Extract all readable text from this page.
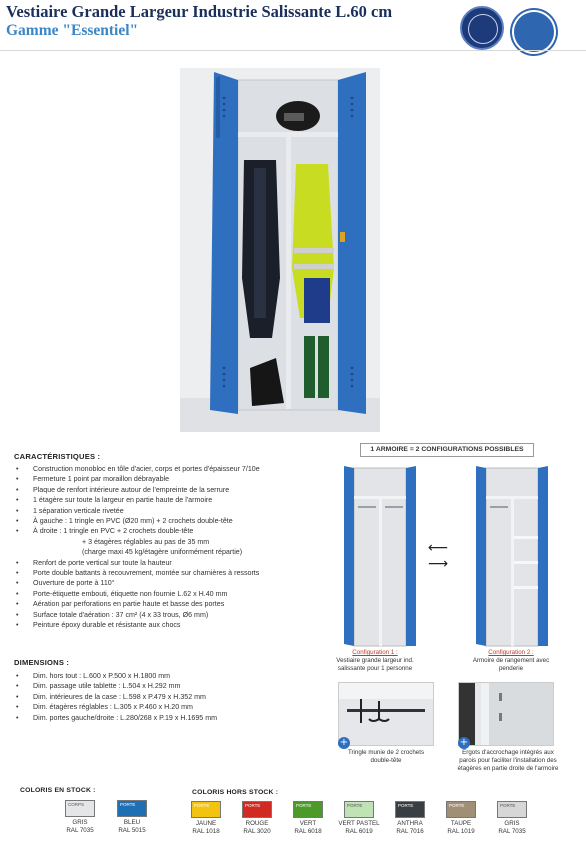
Vestiaire Grande Largeur Industrie Salissante L.60 cm
Gamme "Essentiel"
CARACTÉRISTIQUES :
• Construction monobloc en tôle d'acier, corps et portes d'épaisseur 7/10e
• Fermeture 1 point par moraillon débrayable
• Plaque de renfort intérieure autour de l'empreinte de la serrure
• 1 étagère sur toute la largeur en partie haute de l'armoire
• 1 séparation verticale rivetée
• À gauche : 1 tringle en PVC (Ø20 mm) + 2 crochets double-tête
• À droite : 1 tringle en PVC + 2 crochets double-tête
+ 3 étagères réglables au pas de 35 mm
(charge maxi 45 kg/étagère uniformément répartie)
• Renfort de porte vertical sur toute la hauteur
• Porte double battants à recouvrement, montée sur charnières à ressorts
• Ouverture de porte à 110°
• Porte-étiquette embouti, étiquette non fournie L.62 x H.40 mm
• Aération par perforations en partie haute et basse des portes
• Surface totale d'aération : 37 cm² (4 x 33 trous, Ø6 mm)
• Peinture époxy durable et résistante aux chocs
DIMENSIONS :
• Dim. hors tout : L.600 x P.500 x H.1800 mm
• Dim. passage utile tablette : L.504 x H.292 mm
• Dim. intérieures de la case : L.598 x P.479 x H.352 mm
• Dim. étagères réglables : L.305 x P.460 x H.20 mm
• Dim. portes gauche/droite : L.280/268 x P.19 x H.1695 mm
1 ARMOIRE = 2 CONFIGURATIONS POSSIBLES
⟵
⟶
Configuration 1 :
Vestiaire grande largeur ind. salissante pour 1 personne
Configuration 2 :
Armoire de rangement avec penderie
+
Tringle munie de 2 crochets double-tête
+
Ergots d'accrochage intégrés aux parois pour faciliter l'installation des étagères en partie droite de l'armoire
COLORIS EN STOCK :
CORPS
GRIS
RAL 7035
PORTE
BLEU
RAL 5015
COLORIS HORS STOCK :
PORTE
JAUNE
RAL 1018
PORTE
ROUGE
RAL 3020
PORTE
VERT
RAL 6018
PORTE
VERT PASTEL
RAL 6019
PORTE
ANTHRA
RAL 7016
PORTE
TAUPE
RAL 1019
PORTE
GRIS
RAL 7035
